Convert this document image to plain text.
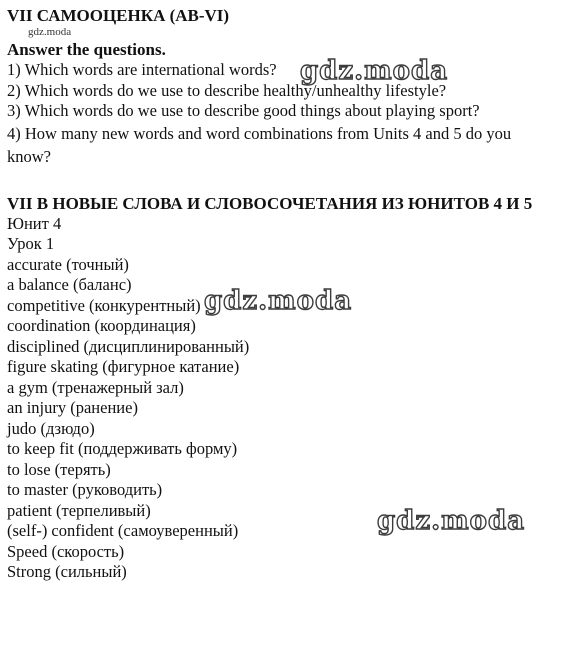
VII САМООЦЕНКА (AB-VI)

gdz.moda

Answer the questions.

1) Which words are international words?

2) Which words do we use to describe healthy/unhealthy lifestyle?

3) Which words do we use to describe good things about playing sport?

4) How many new words and word combinations from Units 4 and 5 do you know?

VII В НОВЫЕ СЛОВА И СЛОВОСОЧЕТАНИЯ ИЗ ЮНИТОВ 4 И 5

Юнит 4

Урок 1

accurate (точный)

a balance (баланс)

competitive (конкурентный)

coordination (координация)

disciplined (дисциплинированный)

figure skating (фигурное катание)

a gym (тренажерный зал)

an injury (ранение)

judo (дзюдо)

to keep fit (поддерживать форму)

to lose (терять)

to master (руководить)

patient (терпеливый)

(self-) confident (самоуверенный)

Speed (скорость)

Strong (сильный)

gdz.moda
gdz.moda
gdz.moda
